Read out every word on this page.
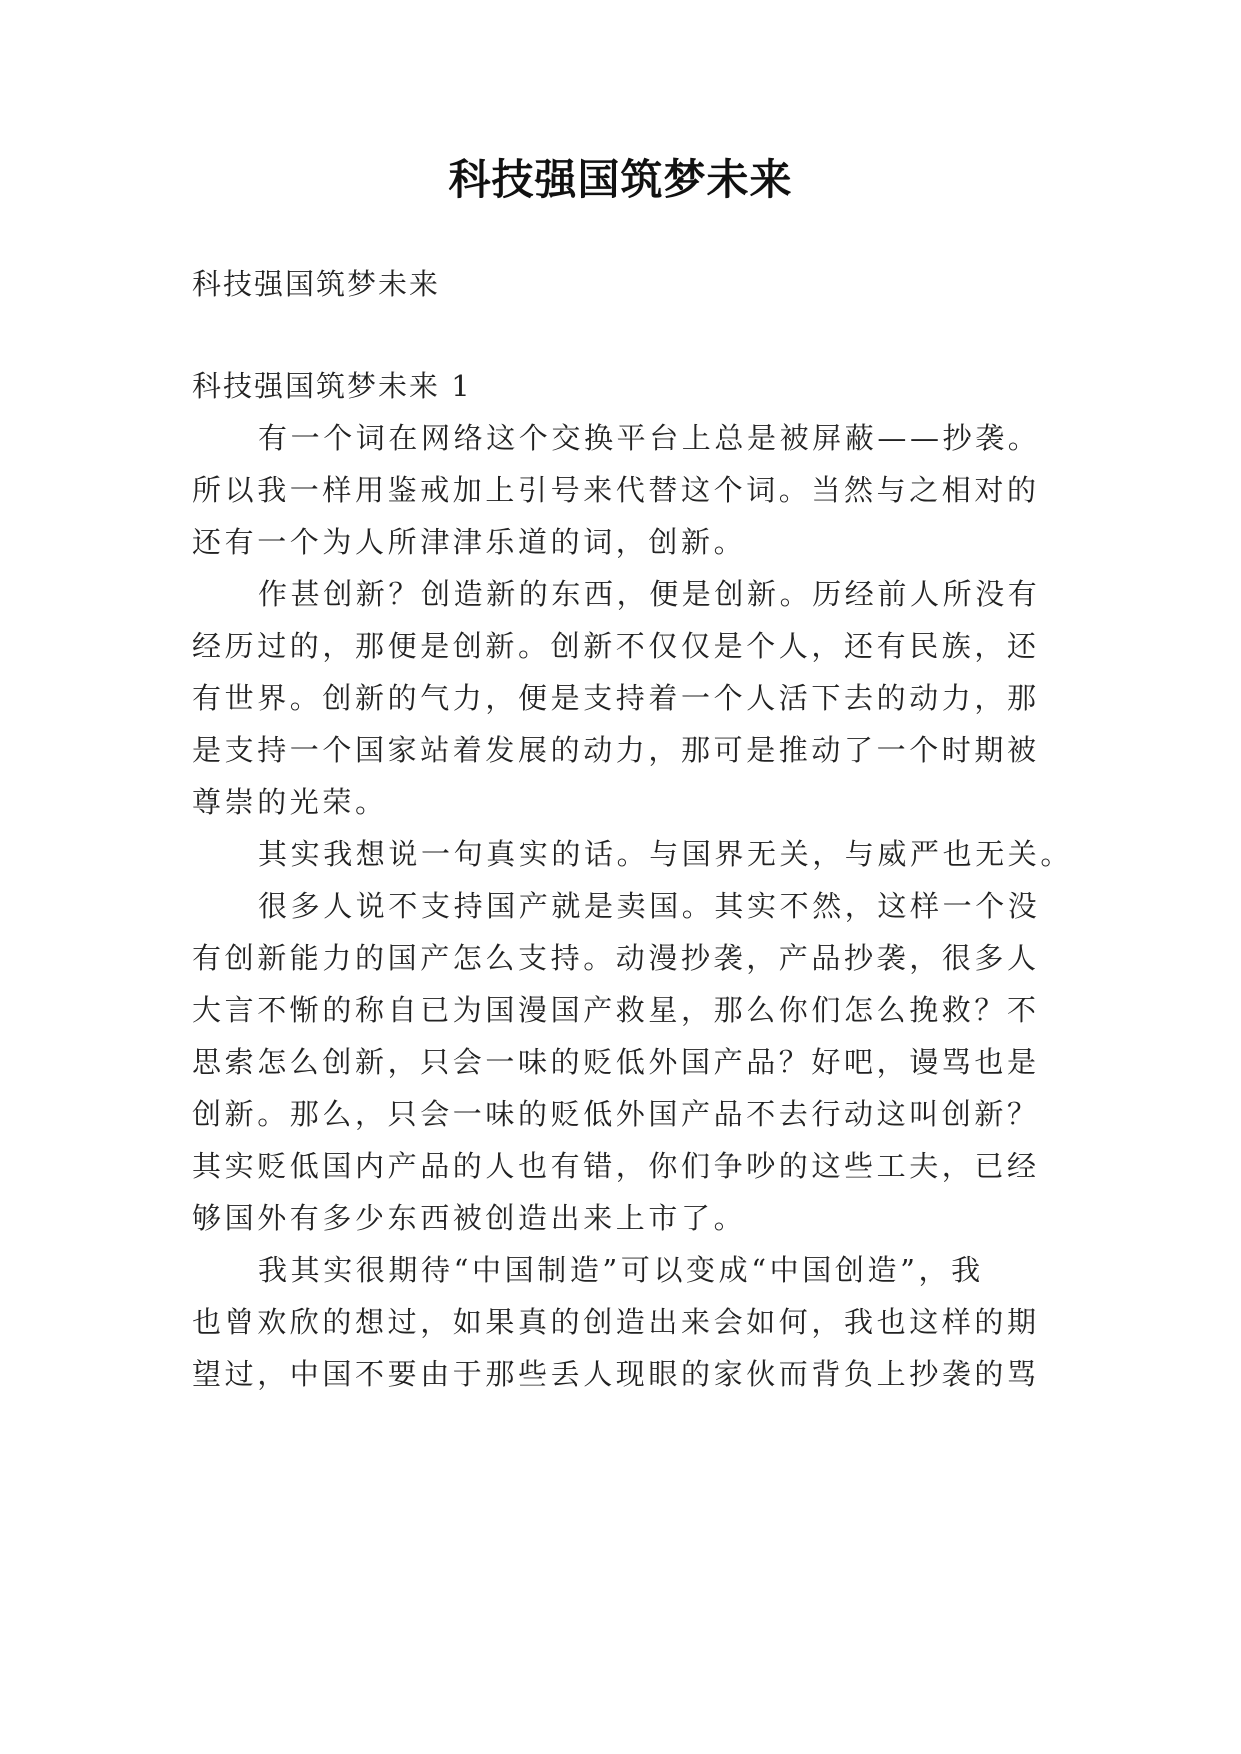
科技强国筑梦未来
科技强国筑梦未来
科技强国筑梦未来 1
有一个词在网络这个交换平台上总是被屏蔽——抄袭。
所以我一样用鉴戒加上引号来代替这个词。当然与之相对的
还有一个为人所津津乐道的词，创新。
作甚创新？创造新的东西，便是创新。历经前人所没有
经历过的，那便是创新。创新不仅仅是个人，还有民族，还
有世界。创新的气力，便是支持着一个人活下去的动力，那
是支持一个国家站着发展的动力，那可是推动了一个时期被
尊崇的光荣。
其实我想说一句真实的话。与国界无关，与威严也无关。
很多人说不支持国产就是卖国。其实不然，这样一个没
有创新能力的国产怎么支持。动漫抄袭，产品抄袭，很多人
大言不惭的称自已为国漫国产救星，那么你们怎么挽救？不
思索怎么创新，只会一味的贬低外国产品？好吧，谩骂也是
创新。那么，只会一味的贬低外国产品不去行动这叫创新？
其实贬低国内产品的人也有错，你们争吵的这些工夫，已经
够国外有多少东西被创造出来上市了。
我其实很期待“中国制造”可以变成“中国创造”，我
也曾欢欣的想过，如果真的创造出来会如何，我也这样的期
望过，中国不要由于那些丢人现眼的家伙而背负上抄袭的骂
